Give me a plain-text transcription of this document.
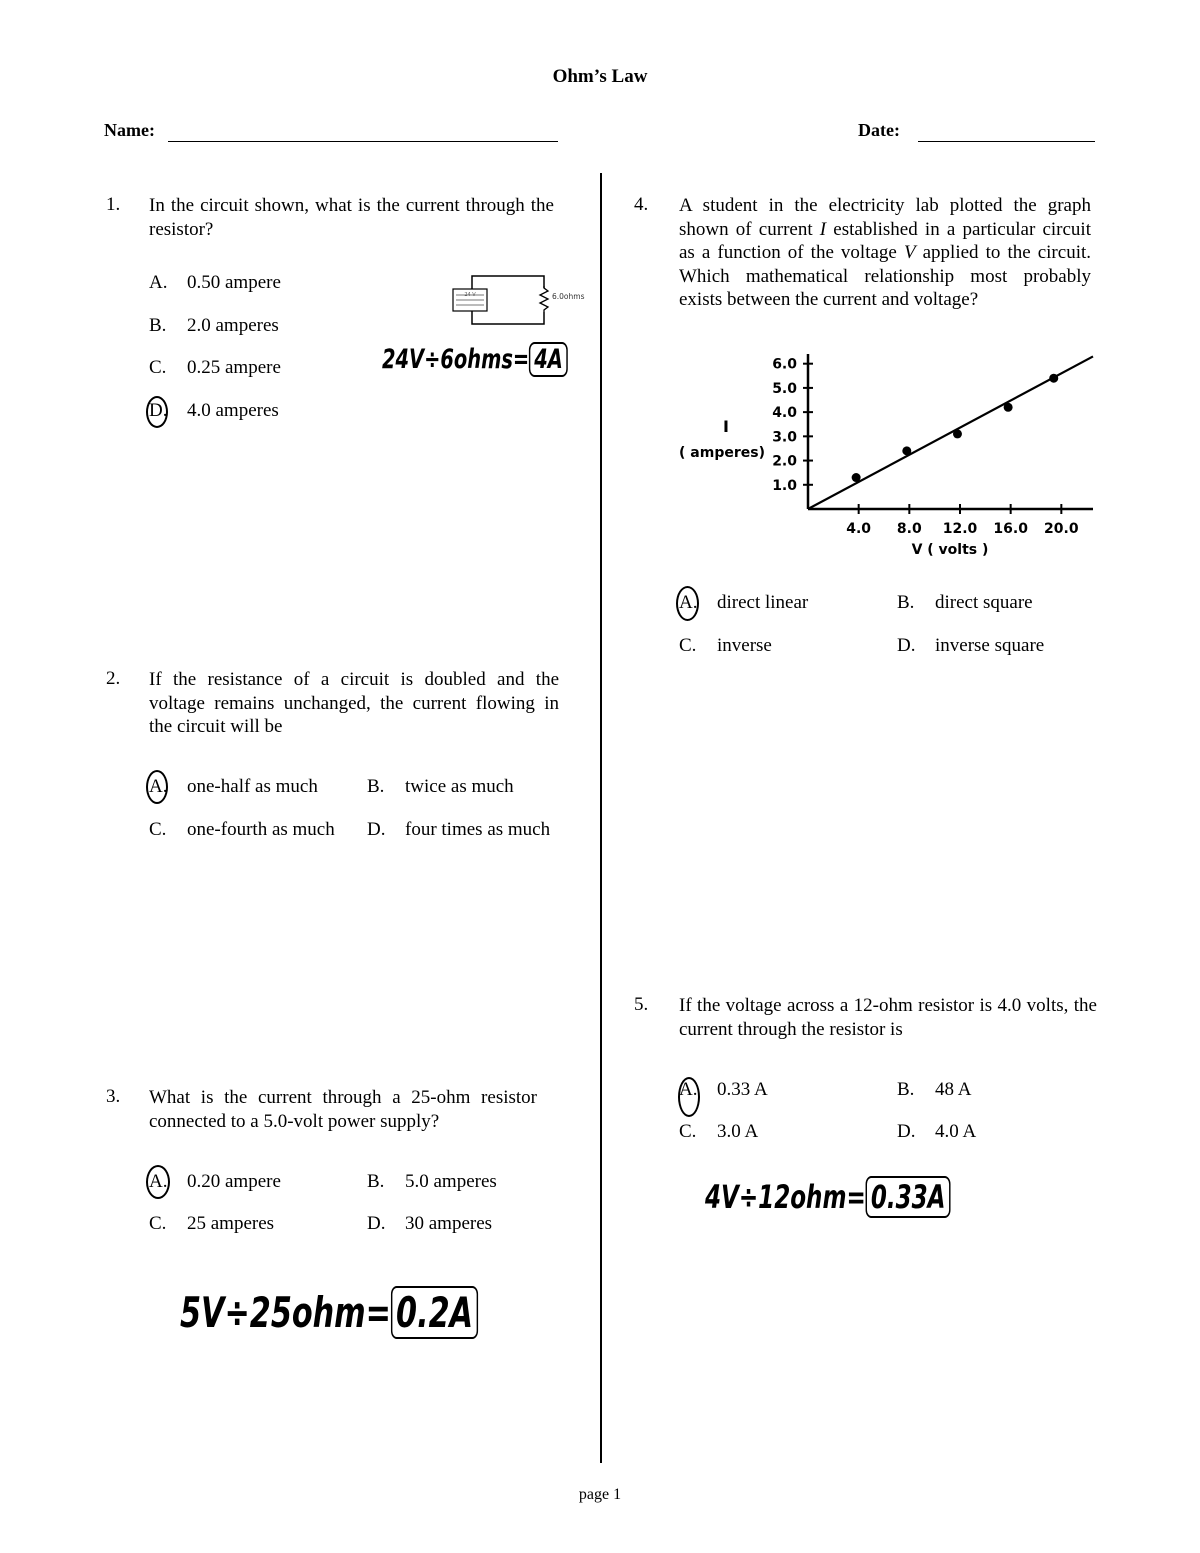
Ohm’s Law
Name:	Date:
1. In the circuit shown, what is the current through the resistor?
A. 0.50 ampere
B. 2.0 amperes
C. 0.25 ampere
D. 4.0 amperes
24 V	6.0ohms
24V÷6ohms= 4A
2. If the resistance of a circuit is doubled and the voltage remains unchanged, the current flowing in the circuit will be
A. one-half as much	B. twice as much
C. one-fourth as much D. four times as much
3. What is the current through a 25-ohm resistor connected to a 5.0-volt power supply?
A. 0.20 ampere	B. 5.0 amperes
C. 25 amperes	D. 30 amperes
5V÷25ohm= 0.2A
4. A student in the electricity lab plotted the graph shown of current I established in a particular circuit as a function of the voltage V applied to the circuit. Which mathematical relationship most probably exists between the current and voltage?
I
( amperes)
V ( volts )
4.0 8.0 12.0 16.0 20.0
1.0
2.0
3.0
4.0
5.0
6.0
A. direct linear	B. direct square
C. inverse	D. inverse square
5. If the voltage across a 12-ohm resistor is 4.0 volts, the current through the resistor is
A. 0.33 A	B. 48 A
C. 3.0 A	D. 4.0 A
4V÷12ohm= 0.33A
page 1
